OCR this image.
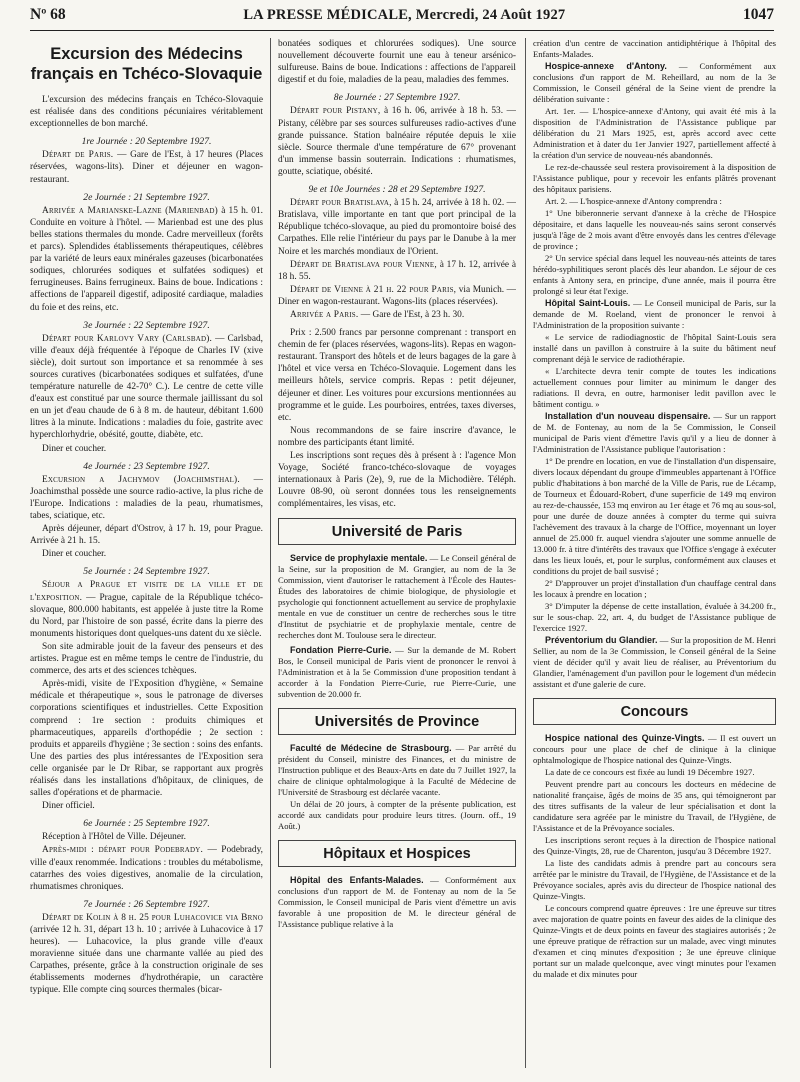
Nº 68	LA PRESSE MÉDICALE, Mercredi, 24 Août 1927	1047
Excursion des Médecins français en Tchéco-Slovaquie

L'excursion des médecins français en Tchéco-Slovaquie est réalisée dans des conditions pécuniaires véritablement exceptionnelles de bon marché.

1re Journée : 20 Septembre 1927.

Départ de Paris. — Gare de l'Est, à 17 heures (Places réservées, wagons-lits). Diner et déjeuner en wagon-restaurant.

2e Journée : 21 Septembre 1927.

Arrivée a Marianske-Lazne (Marienbad) à 15 h. 01. Conduite en voiture à l'hôtel. — Marienbad est une des plus belles stations thermales du monde. Cadre merveilleux (forêts et parcs). Splendides établissements thérapeutiques, célèbres par la variété de leurs eaux minérales gazeuses (bicarbonatées sodiques, chlorurées sodiques et sulfatées sodiques) et ferrugineuses. Bains ferrugineux. Bains de boue. Indications : affections de l'appareil digestif, adiposité cardiaque, maladies du foie et des reins, etc.

3e Journée : 22 Septembre 1927.

Départ pour Karlovy Vary (Carlsbad). — Carlsbad, ville d'eaux déjà fréquentée à l'époque de Charles IV (xive siècle), doit surtout son importance et sa renommée à ses sources curatives (bicarbonatées sodiques et sulfatées, d'une température naturelle de 42-70° C.). Le centre de cette ville d'eaux est constitué par une source thermale jaillissant du sol en un jet d'eau chaude de 6 à 8 m. de hauteur, débitant 1.600 litres à la minute. Indications : maladies du foie, gastrite avec hyperchlorhydrie, obésité, goutte, diabète, etc.

Diner et coucher.

4e Journée : 23 Septembre 1927.

Excursion a Jachymov (Joachimsthal). — Joachimsthal possède une source radio-active, la plus riche de l'Europe. Indications : maladies de la peau, rhumatismes, tabes, sciatique, etc.

Après déjeuner, départ d'Ostrov, à 17 h. 19, pour Prague. Arrivée à 21 h. 15.

Diner et coucher.

5e Journée : 24 Septembre 1927.

Séjour a Prague et visite de la ville et de l'exposition. — Prague, capitale de la République tchéco-slovaque, 800.000 habitants, est appelée à juste titre la Rome du Nord, par l'histoire de son passé, écrite dans la pierre des monuments historiques dont quelques-uns datent du xe siècle.

Son site admirable jouit de la faveur des penseurs et des artistes. Prague est en même temps le centre de l'industrie, du commerce, des arts et des sciences tchèques.

Après-midi, visite de l'Exposition d'hygiène, « Semaine médicale et thérapeutique », sous le patronage de diverses corporations scientifiques et industrielles. Cette Exposition comprend : 1re section : produits chimiques et pharmaceutiques, appareils d'orthopédie ; 2e section : produits et appareils d'hygiène ; 3e section : soins des enfants. Une des parties des plus intéressantes de l'Exposition sera celle organisée par le Dr Ribar, se rapportant aux progrès réalisés dans les installations d'hôpitaux, de cliniques, de salles d'opérations et de pharmacie.

Diner officiel.

6e Journée : 25 Septembre 1927.

Réception à l'Hôtel de Ville. Déjeuner.

Après-midi : départ pour Podebrady. — Podebrady, ville d'eaux renommée. Indications : troubles du métabolisme, catarrhes des voies digestives, anomalie de la circulation, rhumatismes chroniques.

7e Journée : 26 Septembre 1927.

Départ de Kolin à 8 h. 25 pour Luhacovice via Brno (arrivée 12 h. 31, départ 13 h. 10 ; arrivée à Luhacovice à 17 heures). — Luhacovice, la plus grande ville d'eaux moravienne située dans une charmante vallée au pied des Carpathes, présente, grâce à la construction originale de ses établissements modernes d'hydrothérapie, un caractère typique. Elle compte cinq sources thermales (bicar-

bonatées sodiques et chlorurées sodiques). Une source nouvellement découverte fournit une eau à teneur arsénico-sulfureuse. Bains de boue. Indications : affections de l'appareil digestif et du foie, maladies de la peau, maladies des femmes.

8e Journée : 27 Septembre 1927.

Départ pour Pistany, à 16 h. 06, arrivée à 18 h. 53. — Pistany, célèbre par ses sources sulfureuses radio-actives d'une grande puissance. Station balnéaire réputée depuis le xiie siècle. Source thermale d'une température de 67° provenant d'un immense bassin souterrain. Indications : rhumatismes, goutte, sciatique, obésité.

9e et 10e Journées : 28 et 29 Septembre 1927.

Départ pour Bratislava, à 15 h. 24, arrivée à 18 h. 02. — Bratislava, ville importante en tant que port principal de la République tchéco-slovaque, au pied du promontoire boisé des Carpathes. Elle relie l'intérieur du pays par le Danube à la mer Noire et les marchés mondiaux de l'Orient.

Départ de Bratislava pour Vienne, à 17 h. 12, arrivée à 18 h. 55.

Départ de Vienne à 21 h. 22 pour Paris, via Munich. — Diner en wagon-restaurant. Wagons-lits (places réservées).

Arrivée a Paris. — Gare de l'Est, à 23 h. 30.

Prix : 2.500 francs par personne comprenant : transport en chemin de fer (places réservées, wagons-lits). Repas en wagon-restaurant. Transport des hôtels et de leurs bagages de la gare à l'hôtel et vice versa en Tchéco-Slovaquie. Logement dans les meilleurs hôtels, service compris. Repas : petit déjeuner, déjeuner et diner. Les voitures pour excursions mentionnées au programme et le guide. Les pourboires, entrées, taxes diverses, etc.

Nous recommandons de se faire inscrire d'avance, le nombre des participants étant limité.

Les inscriptions sont reçues dès à présent à : l'agence Mon Voyage, Société franco-tchéco-slovaque de voyages internationaux à Paris (2e), 9, rue de la Michodière. Téléph. Louvre 08-90, où seront données tous les renseignements complémentaires, les visas, etc.

Université de Paris

Service de prophylaxie mentale. — Le Conseil général de la Seine, sur la proposition de M. Grangier, au nom de la 3e Commission, vient d'autoriser le rattachement à l'École des Hautes-Études des laboratoires de chimie biologique, de physiologie et psychologie qui fonctionnent actuellement au service de prophylaxie mentale en vue de constituer un centre de recherches sous le titre d'Institut de psychiatrie et de prophylaxie mentale, centre de recherches dont M. Toulouse sera le directeur.

Fondation Pierre-Curie. — Sur la demande de M. Robert Bos, le Conseil municipal de Paris vient de prononcer le renvoi à l'Administration et à la 5e Commission d'une proposition tendant à accorder à la Fondation Pierre-Curie, rue Pierre-Curie, une subvention de 20.000 fr.

Universités de Province

Faculté de Médecine de Strasbourg. — Par arrêté du président du Conseil, ministre des Finances, et du ministre de l'Instruction publique et des Beaux-Arts en date du 7 Juillet 1927, la chaire de clinique ophtalmologique à la Faculté de Médecine de l'Université de Strasbourg est déclarée vacante.

Un délai de 20 jours, à compter de la présente publication, est accordé aux candidats pour produire leurs titres. (Journ. off., 19 Août.)

Hôpitaux et Hospices

Hôpital des Enfants-Malades. — Conformément aux conclusions d'un rapport de M. de Fontenay au nom de la 5e Commission, le Conseil municipal de Paris vient d'émettre un avis favorable à une proposition de M. le directeur général de l'Assistance publique relative à la

création d'un centre de vaccination antidiphtérique à l'hôpital des Enfants-Malades.

Hospice-annexe d'Antony. — Conformément aux conclusions d'un rapport de M. Reheillard, au nom de la 3e Commission, le Conseil général de la Seine vient de prendre la délibération suivante :

Art. 1er. — L'hospice-annexe d'Antony, qui avait été mis à la disposition de l'Administration de l'Assistance publique par délibération du 21 Mars 1925, est, après accord avec cette Administration et à dater du 1er Janvier 1927, partiellement affecté à la création d'un service de nouveau-nés abandonnés.

Le rez-de-chaussée seul restera provisoirement à la disposition de l'Assistance publique, pour y recevoir les enfants plâtrés provenant des hôpitaux parisiens.

Art. 2. — L'hospice-annexe d'Antony comprendra :

1° Une biberonnerie servant d'annexe à la crèche de l'Hospice dépositaire, et dans laquelle les nouveau-nés sains seront conservés jusqu'à l'âge de 2 mois avant d'être envoyés dans les centres d'élevage de province ;

2° Un service spécial dans lequel les nouveau-nés atteints de tares hérédo-syphilitiques seront placés dès leur abandon. Le séjour de ces enfants à Antony sera, en principe, d'une année, mais il pourra être prolongé si leur état l'exige.

Hôpital Saint-Louis. — Le Conseil municipal de Paris, sur la demande de M. Roeland, vient de prononcer le renvoi à l'Administration de la proposition suivante :

« Le service de radiodiagnostic de l'hôpital Saint-Louis sera installé dans un pavillon à construire à la suite du bâtiment neuf comprenant déjà le service de radiothérapie.

« L'architecte devra tenir compte de toutes les indications actuellement connues pour limiter au minimum le danger des radiations. Il devra, en outre, harmoniser ledit pavillon avec le bâtiment contigu. »

Installation d'un nouveau dispensaire. — Sur un rapport de M. de Fontenay, au nom de la 5e Commission, le Conseil municipal de Paris vient d'émettre l'avis qu'il y a lieu de donner à l'Administration de l'Assistance publique l'autorisation :

1° De prendre en location, en vue de l'installation d'un dispensaire, divers locaux dépendant du groupe d'immeubles appartenant à l'Office public d'habitations à bon marché de la Ville de Paris, rue de Lécamp, de Tourneux et Édouard-Robert, d'une superficie de 149 mq environ au rez-de-chaussée, 153 mq environ au 1er étage et 76 mq au sous-sol, pour une durée de douze années à compter du terme qui suivra l'achèvement des travaux à la charge de l'Office, moyennant un loyer annuel de 25.000 fr. auquel viendra s'ajouter une somme annuelle de 13.000 fr. à titre d'intérêts des travaux que l'Office s'engage à exécuter dans les lieux loués, et, pour le surplus, conformément aux clauses et conditions du projet de bail susvisé ;

2° D'approuver un projet d'installation d'un chauffage central dans les locaux à prendre en location ;

3° D'imputer la dépense de cette installation, évaluée à 34.200 fr., sur le sous-chap. 22, art. 4, du budget de l'Assistance publique de l'exercice 1927.

Préventorium du Glandier. — Sur la proposition de M. Henri Sellier, au nom de la 3e Commission, le Conseil général de la Seine vient de décider qu'il y avait lieu de réaliser, au Préventorium du Glandier, l'aménagement d'un pavillon pour le logement d'un médecin assistant et d'une galerie de cure.

Concours

Hospice national des Quinze-Vingts. — Il est ouvert un concours pour une place de chef de clinique à la clinique ophtalmologique de l'hospice national des Quinze-Vingts.

La date de ce concours est fixée au lundi 19 Décembre 1927.

Peuvent prendre part au concours les docteurs en médecine de nationalité française, âgés de moins de 35 ans, qui témoigneront par des titres suffisants de la valeur de leur spécialisation et dont la candidature sera agréée par le ministre du Travail, de l'Hygiène, de l'Assistance et de la Prévoyance sociales.

Les inscriptions seront reçues à la direction de l'hospice national des Quinze-Vingts, 28, rue de Charenton, jusqu'au 3 Décembre 1927.

La liste des candidats admis à prendre part au concours sera arrêtée par le ministre du Travail, de l'Hygiène, de l'Assistance et de la Prévoyance sociales, après avis du directeur de l'hospice national des Quinze-Vingts.

Le concours comprend quatre épreuves : 1re une épreuve sur titres avec majoration de quatre points en faveur des aides de la clinique des Quinze-Vingts et de deux points en faveur des stagiaires autorisés ; 2e une épreuve pratique de réfraction sur un malade, avec vingt minutes d'examen et cinq minutes d'exposition ; 3e une épreuve clinique portant sur un malade quelconque, avec vingt minutes pour l'examen du malade et dix minutes pour
